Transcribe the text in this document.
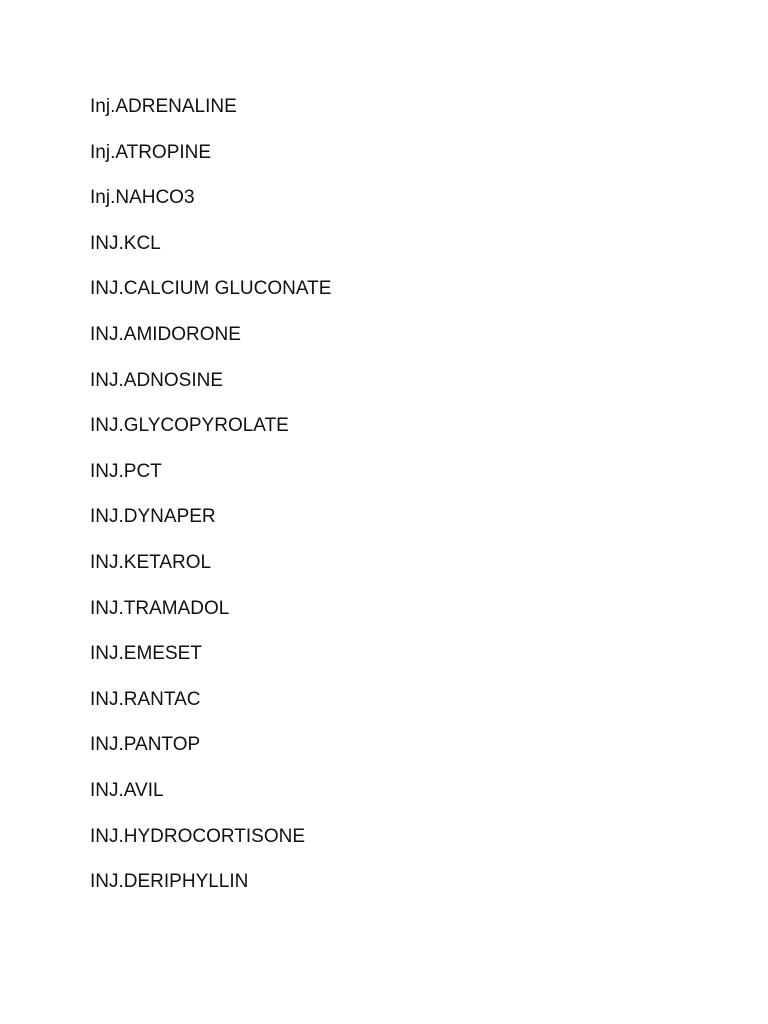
Inj.ADRENALINE
Inj.ATROPINE
Inj.NAHCO3
INJ.KCL
INJ.CALCIUM GLUCONATE
INJ.AMIDORONE
INJ.ADNOSINE
INJ.GLYCOPYROLATE
INJ.PCT
INJ.DYNAPER
INJ.KETAROL
INJ.TRAMADOL
INJ.EMESET
INJ.RANTAC
INJ.PANTOP
INJ.AVIL
INJ.HYDROCORTISONE
INJ.DERIPHYLLIN
